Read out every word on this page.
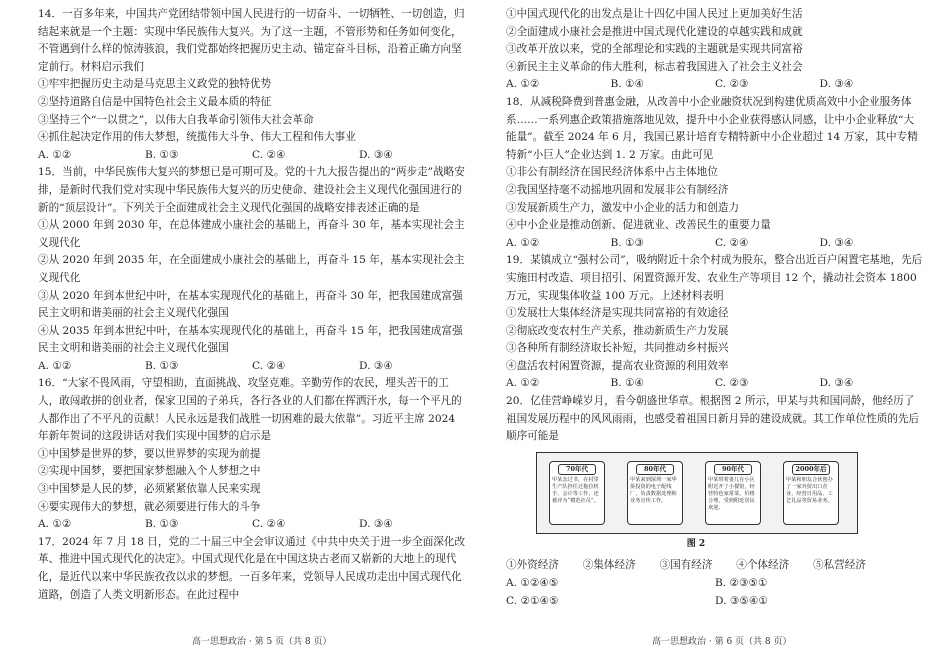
14．一百多年来，中国共产党团结带领中国人民进行的一切奋斗、一切牺牲、一切创造，归结起来就是一个主题：实现中华民族伟大复兴。为了这一主题，不管形势和任务如何变化，不管遇到什么样的惊涛骇浪，我们党都始终把握历史主动、锚定奋斗目标，沿着正确方向坚定前行。材料启示我们

①牢牢把握历史主动是马克思主义政党的独特优势

②坚持道路自信是中国特色社会主义最本质的特征

③坚持三个“一以贯之”，以伟大自我革命引领伟大社会革命

④抓住起决定作用的伟大梦想，统揽伟大斗争、伟大工程和伟大事业

A. ①②	B. ①③	C. ②④	D. ③④

15．当前，中华民族伟大复兴的梦想已是可期可及。党的十九大报告提出的“两步走”战略安排，是新时代我们党对实现中华民族伟大复兴的历史使命、建设社会主义现代化强国进行的新的“顶层设计”。下列关于全面建成社会主义现代化强国的战略安排表述正确的是

①从 2000 年到 2030 年，在总体建成小康社会的基础上，再奋斗 30 年，基本实现社会主义现代化

②从 2020 年到 2035 年，在全面建成小康社会的基础上，再奋斗 15 年，基本实现社会主义现代化

③从 2020 年到本世纪中叶，在基本实现现代化的基础上，再奋斗 30 年，把我国建成富强民主文明和谐美丽的社会主义现代化强国

④从 2035 年到本世纪中叶，在基本实现现代化的基础上，再奋斗 15 年，把我国建成富强民主文明和谐美丽的社会主义现代化强国

A. ①②	B. ①③	C. ②④	D. ③④

16．“大家不畏风雨，守望相助，直面挑战、攻坚克难。辛勤劳作的农民，埋头苦干的工人，敢闯敢拼的创业者，保家卫国的子弟兵，各行各业的人们都在挥洒汗水，每一个平凡的人都作出了不平凡的贡献！人民永远是我们战胜一切困难的最大依靠”。习近平主席 2024 年新年贺词的这段讲话对我们实现中国梦的启示是

①中国梦是世界的梦，要以世界梦的实现为前提

②实现中国梦，要把国家梦想融入个人梦想之中

③中国梦是人民的梦，必须紧紧依靠人民来实现

④要实现伟大的梦想，就必须要进行伟大的斗争

A. ①②	B. ①③	C. ②④	D. ③④

17．2024 年 7 月 18 日，党的二十届三中全会审议通过《中共中央关于进一步全面深化改革、推进中国式现代化的决定》。中国式现代化是在中国这块古老而又崭新的大地上的现代化，是近代以来中华民族孜孜以求的梦想。一百多年来，党领导人民成功走出中国式现代化道路，创造了人类文明新形态。在此过程中

高一思想政治 · 第 5 页（共 8 页）

①中国式现代化的出发点是让十四亿中国人民过上更加美好生活

②全面建成小康社会是推进中国式现代化建设的卓越实践和成就

③改革开放以来，党的全部理论和实践的主题就是实现共同富裕

④新民主主义革命的伟大胜利，标志着我国进入了社会主义社会

A. ①②	B. ①④	C. ②③	D. ③④

18．从减税降费到普惠金融，从改善中小企业融资状况到构建优质高效中小企业服务体系……一系列惠企政策措施落地见效，提升中小企业获得感认同感，让中小企业释放“大能量”。截至 2024 年 6 月，我国已累计培育专精特新中小企业超过 14 万家，其中专精特新“小巨人”企业达到 1. 2 万家。由此可见

①非公有制经济在国民经济体系中占主体地位

②我国坚持毫不动摇地巩固和发展非公有制经济

③发展新质生产力，激发中小企业的活力和创造力

④中小企业是推动创新、促进就业、改善民生的重要力量

A. ①②	B. ①③	C. ②④	D. ③④

19．某镇成立“强村公司”，吸纳附近十余个村成为股东，整合出近百户闲置宅基地，先后实施田村改造、项目招引、闲置资源开发、农业生产等项目 12 个，撬动社会资本 1800 万元，实现集体收益 100 万元。上述材料表明

①发展壮大集体经济是实现共同富裕的有效途径

②彻底改变农村生产关系，推动新质生产力发展

③各种所有制经济取长补短，共同推动乡村振兴

④盘活农村闲置资源，提高农业资源的利用效率

A. ①②	B. ①④	C. ②③	D. ③④

20．亿佳营峥嵘岁月，看今朝盛世华章。根据图 2 所示，甲某与共和国同龄，他经历了祖国发展历程中的风风雨雨，也感受着祖国日新月异的建设成就。其工作单位性质的先后顺序可能是

70年代
甲某念过书，在村里生产队担任过拖拉机手，会计等工作，还被评为“模范社员”。
80年代
甲某来到深圳一家华侨投资的电子配线厂，负责数据处理和业务宣传工作。
90年代
甲某带着妻儿在小区附近开了小餐馆，经营特色家常菜，价格合理，受到附近居民欢迎。
2000年后
甲某和朋友合伙创办了一家外贸出口企业，经营日用品、工艺礼品等贸易业务。
图 2
①外资经济 ②集体经济 ③国有经济 ④个体经济 ⑤私营经济
A. ①②④⑤	B. ②③⑤①
C. ②①④⑤	D. ③⑤④①
高一思想政治 · 第 6 页（共 8 页）
